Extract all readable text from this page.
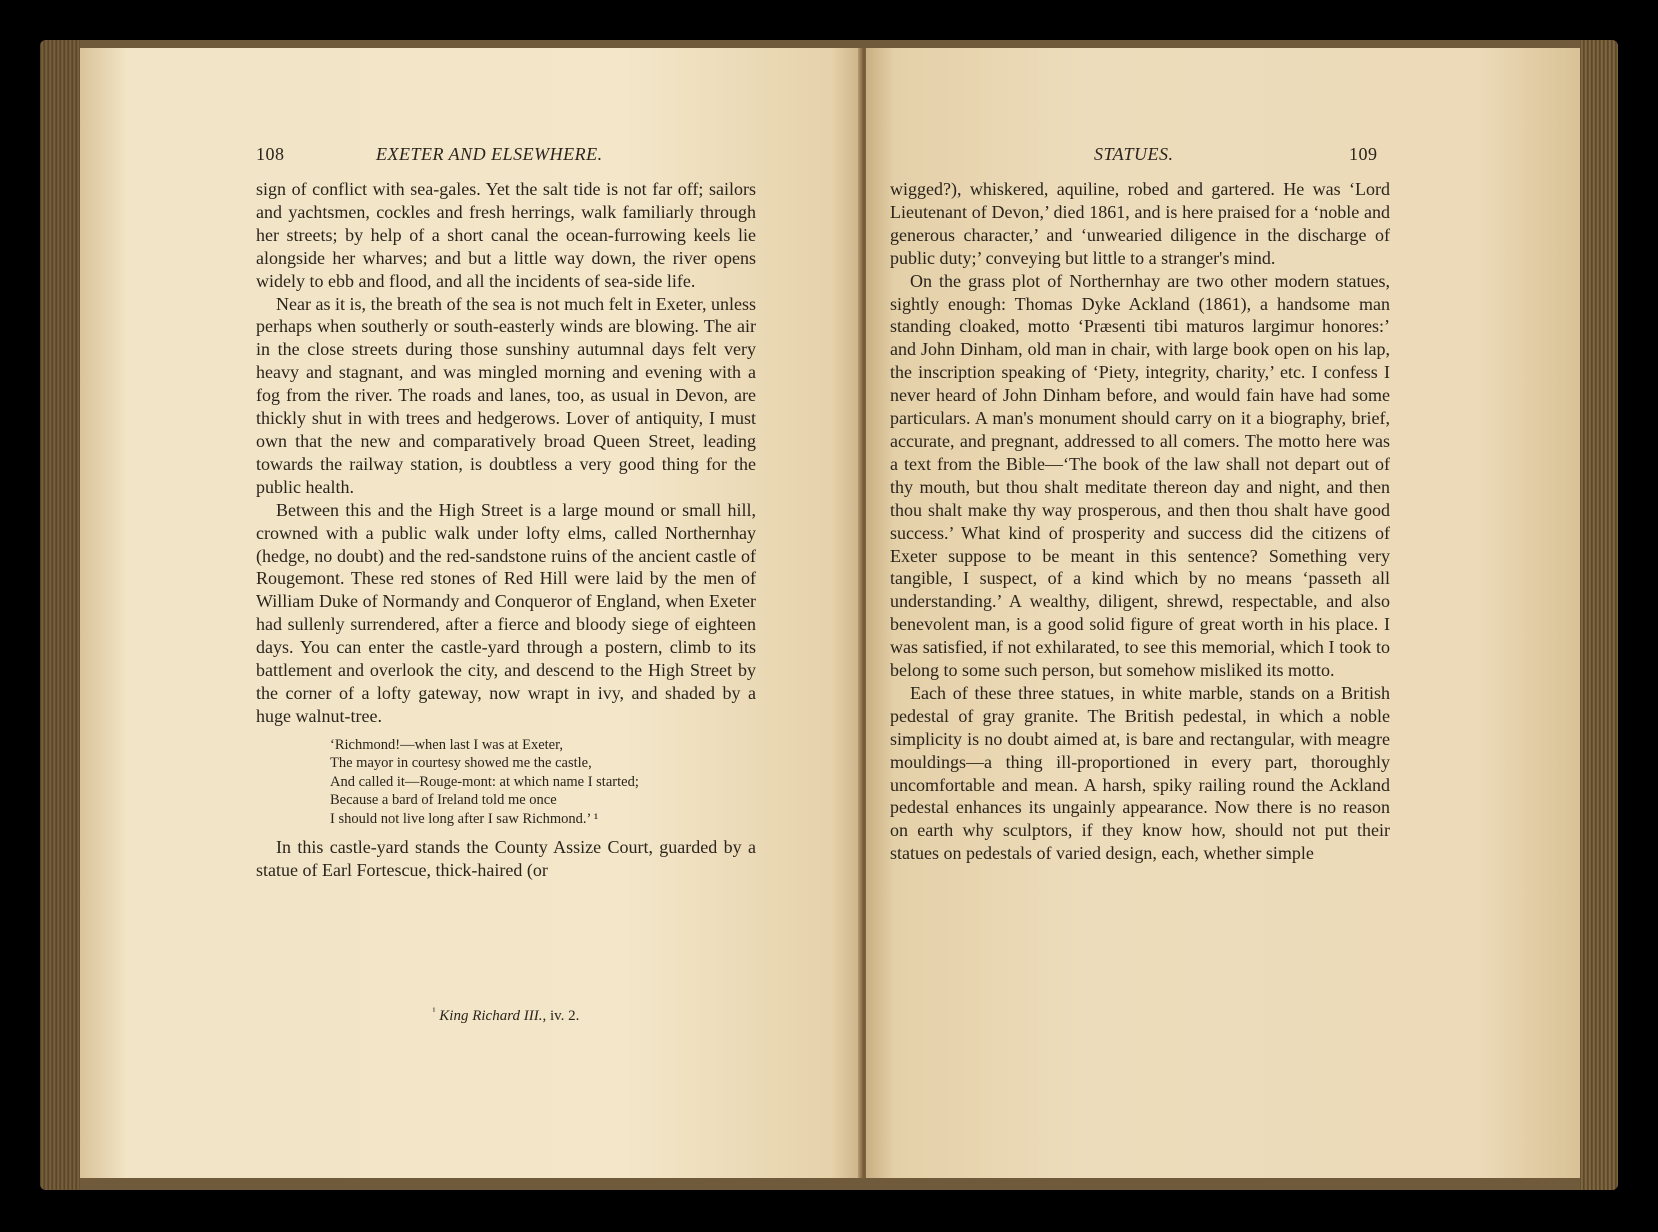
108	EXETER AND ELSEWHERE.

sign of conflict with sea-gales. Yet the salt tide is not far off; sailors and yachtsmen, cockles and fresh herrings, walk familiarly through her streets; by help of a short canal the ocean-furrowing keels lie alongside her wharves; and but a little way down, the river opens widely to ebb and flood, and all the incidents of sea-side life.

Near as it is, the breath of the sea is not much felt in Exeter, unless perhaps when southerly or south-easterly winds are blowing. The air in the close streets during those sunshiny autumnal days felt very heavy and stagnant, and was mingled morning and evening with a fog from the river. The roads and lanes, too, as usual in Devon, are thickly shut in with trees and hedgerows. Lover of antiquity, I must own that the new and comparatively broad Queen Street, leading towards the railway station, is doubtless a very good thing for the public health.

Between this and the High Street is a large mound or small hill, crowned with a public walk under lofty elms, called Northernhay (hedge, no doubt) and the red-sandstone ruins of the ancient castle of Rougemont. These red stones of Red Hill were laid by the men of William Duke of Normandy and Conqueror of England, when Exeter had sullenly surrendered, after a fierce and bloody siege of eighteen days. You can enter the castle-yard through a postern, climb to its battlement and overlook the city, and descend to the High Street by the corner of a lofty gateway, now wrapt in ivy, and shaded by a huge walnut-tree.

‘Richmond!—when last I was at Exeter,
The mayor in courtesy showed me the castle,
And called it—Rouge-mont: at which name I started;
Because a bard of Ireland told me once
I should not live long after I saw Richmond.’ ¹

In this castle-yard stands the County Assize Court, guarded by a statue of Earl Fortescue, thick-haired (or

$^{^1}$ King Richard III., iv. 2.
STATUES.	109

wigged?), whiskered, aquiline, robed and gartered. He was ‘Lord Lieutenant of Devon,’ died 1861, and is here praised for a ‘noble and generous character,’ and ‘unwearied diligence in the discharge of public duty;’ conveying but little to a stranger's mind.

On the grass plot of Northernhay are two other modern statues, sightly enough: Thomas Dyke Ackland (1861), a handsome man standing cloaked, motto ‘Præsenti tibi maturos largimur honores:’ and John Dinham, old man in chair, with large book open on his lap, the inscription speaking of ‘Piety, integrity, charity,’ etc. I confess I never heard of John Dinham before, and would fain have had some particulars. A man's monument should carry on it a biography, brief, accurate, and pregnant, addressed to all comers. The motto here was a text from the Bible—‘The book of the law shall not depart out of thy mouth, but thou shalt meditate thereon day and night, and then thou shalt make thy way prosperous, and then thou shalt have good success.’ What kind of prosperity and success did the citizens of Exeter suppose to be meant in this sentence? Something very tangible, I suspect, of a kind which by no means ‘passeth all understanding.’ A wealthy, diligent, shrewd, respectable, and also benevolent man, is a good solid figure of great worth in his place. I was satisfied, if not exhilarated, to see this memorial, which I took to belong to some such person, but somehow misliked its motto.

Each of these three statues, in white marble, stands on a British pedestal of gray granite. The British pedestal, in which a noble simplicity is no doubt aimed at, is bare and rectangular, with meagre mouldings—a thing ill-proportioned in every part, thoroughly uncomfortable and mean. A harsh, spiky railing round the Ackland pedestal enhances its ungainly appearance. Now there is no reason on earth why sculptors, if they know how, should not put their statues on pedestals of varied design, each, whether simple
